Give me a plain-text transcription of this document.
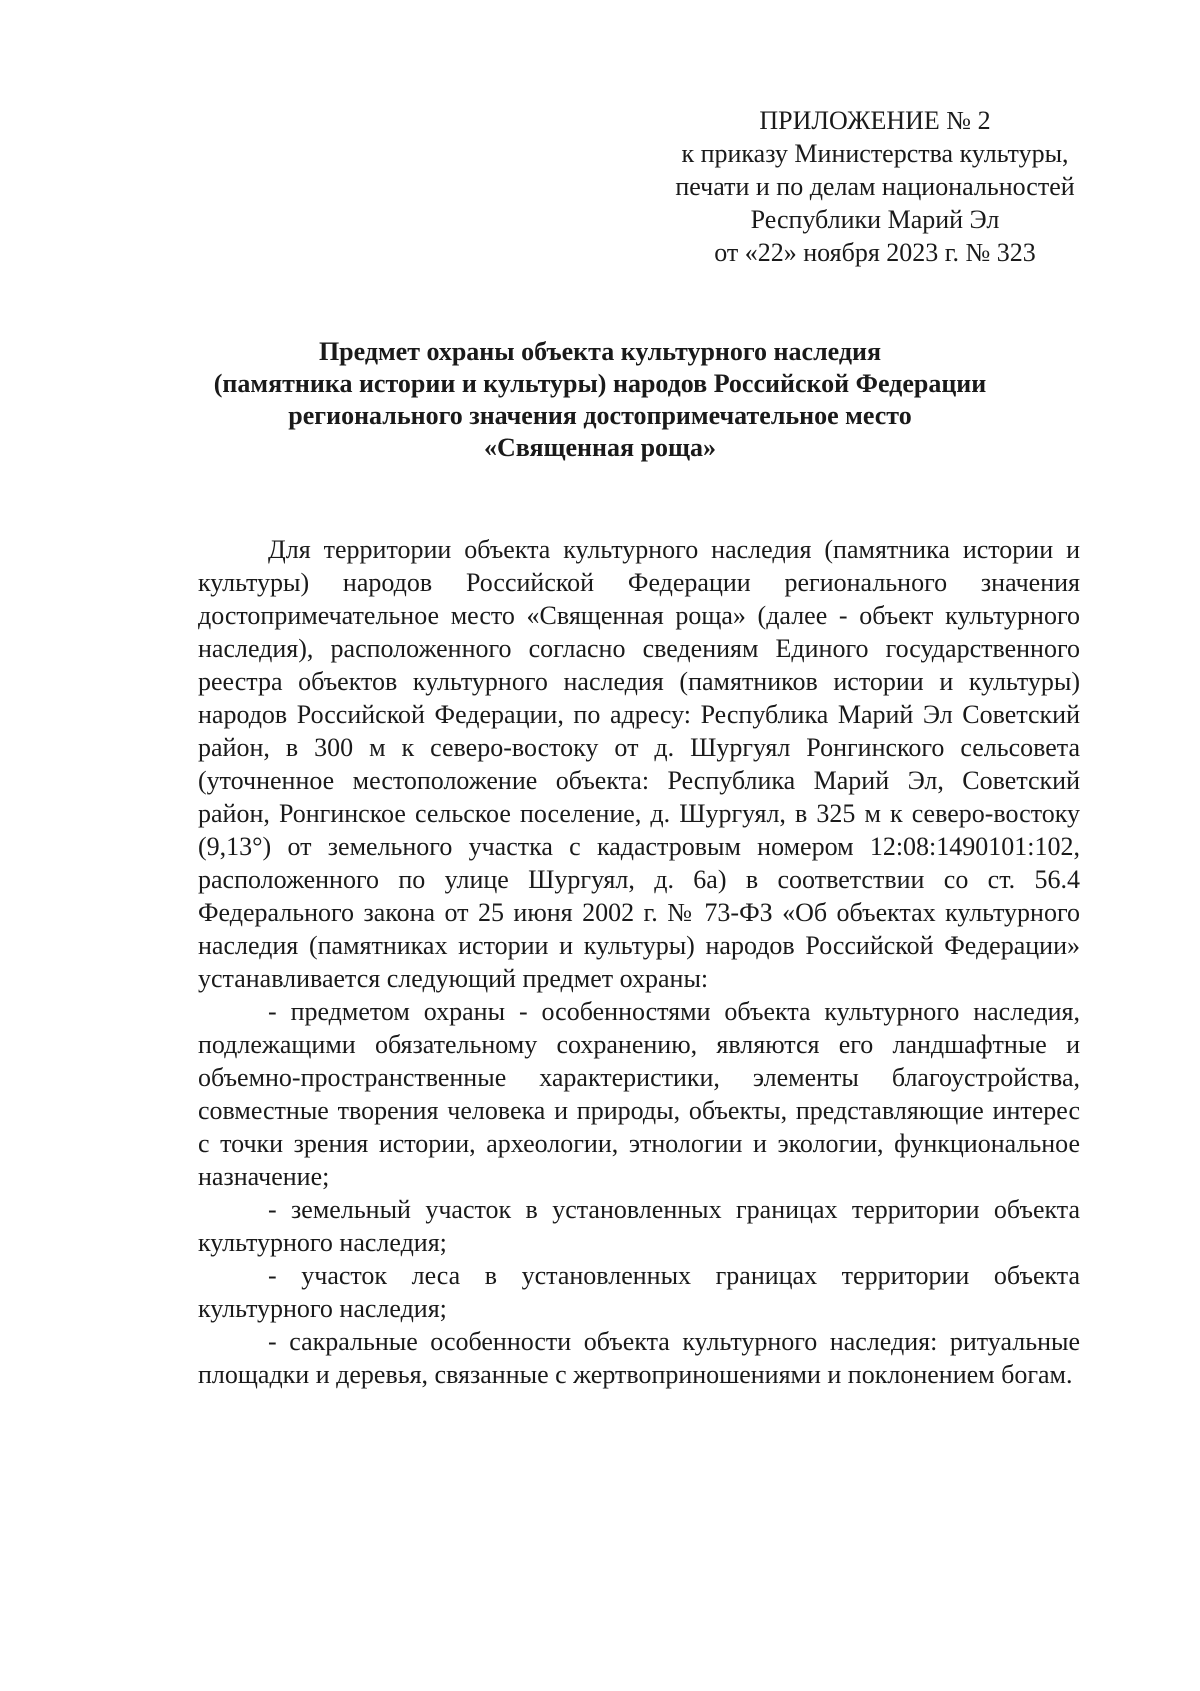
ПРИЛОЖЕНИЕ № 2
к приказу Министерства культуры,
печати и по делам национальностей
Республики Марий Эл
от «22» ноября 2023 г. № 323
Предмет охраны объекта культурного наследия
(памятника истории и культуры) народов Российской Федерации
регионального значения достопримечательное место
«Священная роща»

Для территории объекта культурного наследия (памятника истории и культуры) народов Российской Федерации регионального значения достопримечательное место «Священная роща» (далее - объект культурного наследия), расположенного согласно сведениям Единого государственного реестра объектов культурного наследия (памятников истории и культуры) народов Российской Федерации, по адресу: Республика Марий Эл Советский район, в 300 м к северо-востоку от д. Шургуял Ронгинского сельсовета (уточненное местоположение объекта: Республика Марий Эл, Советский район, Ронгинское сельское поселение, д. Шургуял, в 325 м к северо-востоку (9,13°) от земельного участка с кадастровым номером 12:08:1490101:102, расположенного по улице Шургуял, д. 6а) в соответствии со ст. 56.4 Федерального закона от 25 июня 2002 г. № 73-ФЗ «Об объектах культурного наследия (памятниках истории и культуры) народов Российской Федерации» устанавливается следующий предмет охраны:

- предметом охраны - особенностями объекта культурного наследия, подлежащими обязательному сохранению, являются его ландшафтные и объемно-пространственные характеристики, элементы благоустройства, совместные творения человека и природы, объекты, представляющие интерес с точки зрения истории, археологии, этнологии и экологии, функциональное назначение;

- земельный участок в установленных границах территории объекта культурного наследия;

- участок леса в установленных границах территории объекта культурного наследия;

- сакральные особенности объекта культурного наследия: ритуальные площадки и деревья, связанные с жертвоприношениями и поклонением богам.
